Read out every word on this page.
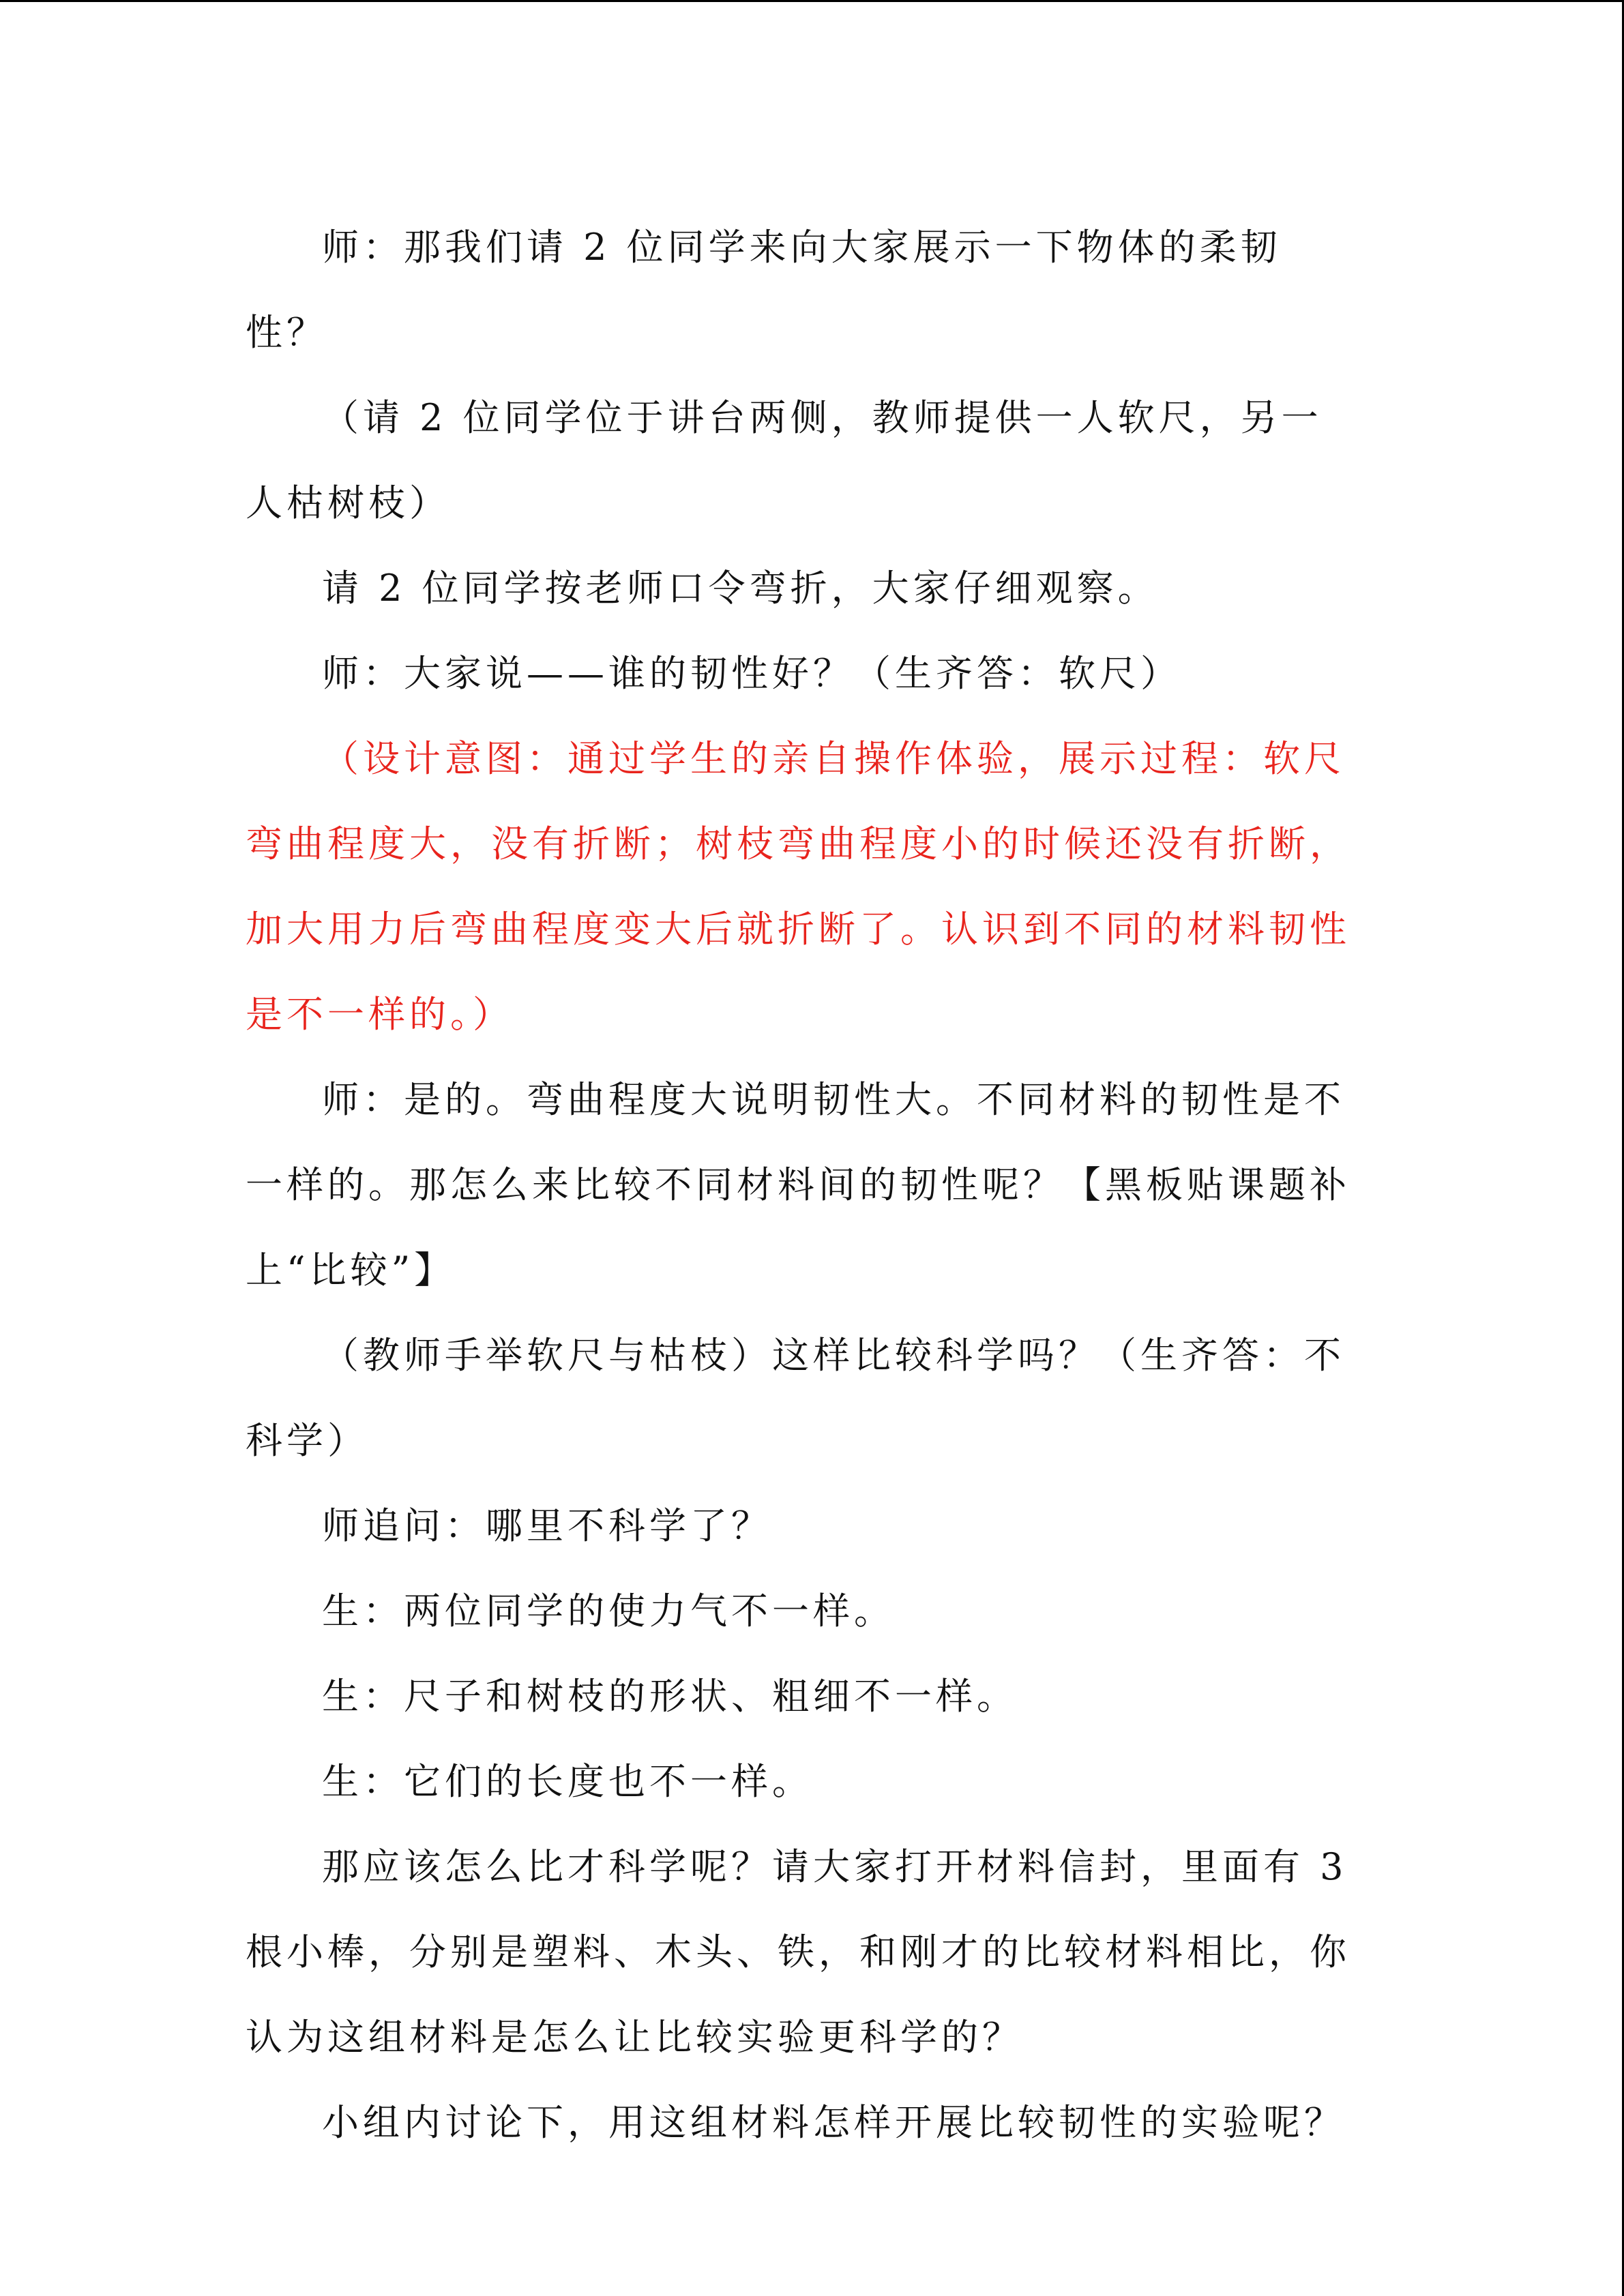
师：那我们请 2 位同学来向大家展示一下物体的柔韧性？

（请 2 位同学位于讲台两侧，教师提供一人软尺，另一人枯树枝）

请 2 位同学按老师口令弯折，大家仔细观察。

师：大家说——谁的韧性好？（生齐答：软尺）

（设计意图：通过学生的亲自操作体验，展示过程：软尺弯曲程度大，没有折断；树枝弯曲程度小的时候还没有折断，加大用力后弯曲程度变大后就折断了。认识到不同的材料韧性是不一样的。）

师：是的。弯曲程度大说明韧性大。不同材料的韧性是不一样的。那怎么来比较不同材料间的韧性呢？【黑板贴课题补上“比较”】

（教师手举软尺与枯枝）这样比较科学吗？（生齐答：不科学）

师追问：哪里不科学了？

生：两位同学的使力气不一样。

生：尺子和树枝的形状、粗细不一样。

生：它们的长度也不一样。

那应该怎么比才科学呢？请大家打开材料信封，里面有 3 根小棒，分别是塑料、木头、铁，和刚才的比较材料相比，你认为这组材料是怎么让比较实验更科学的？

小组内讨论下，用这组材料怎样开展比较韧性的实验呢？
